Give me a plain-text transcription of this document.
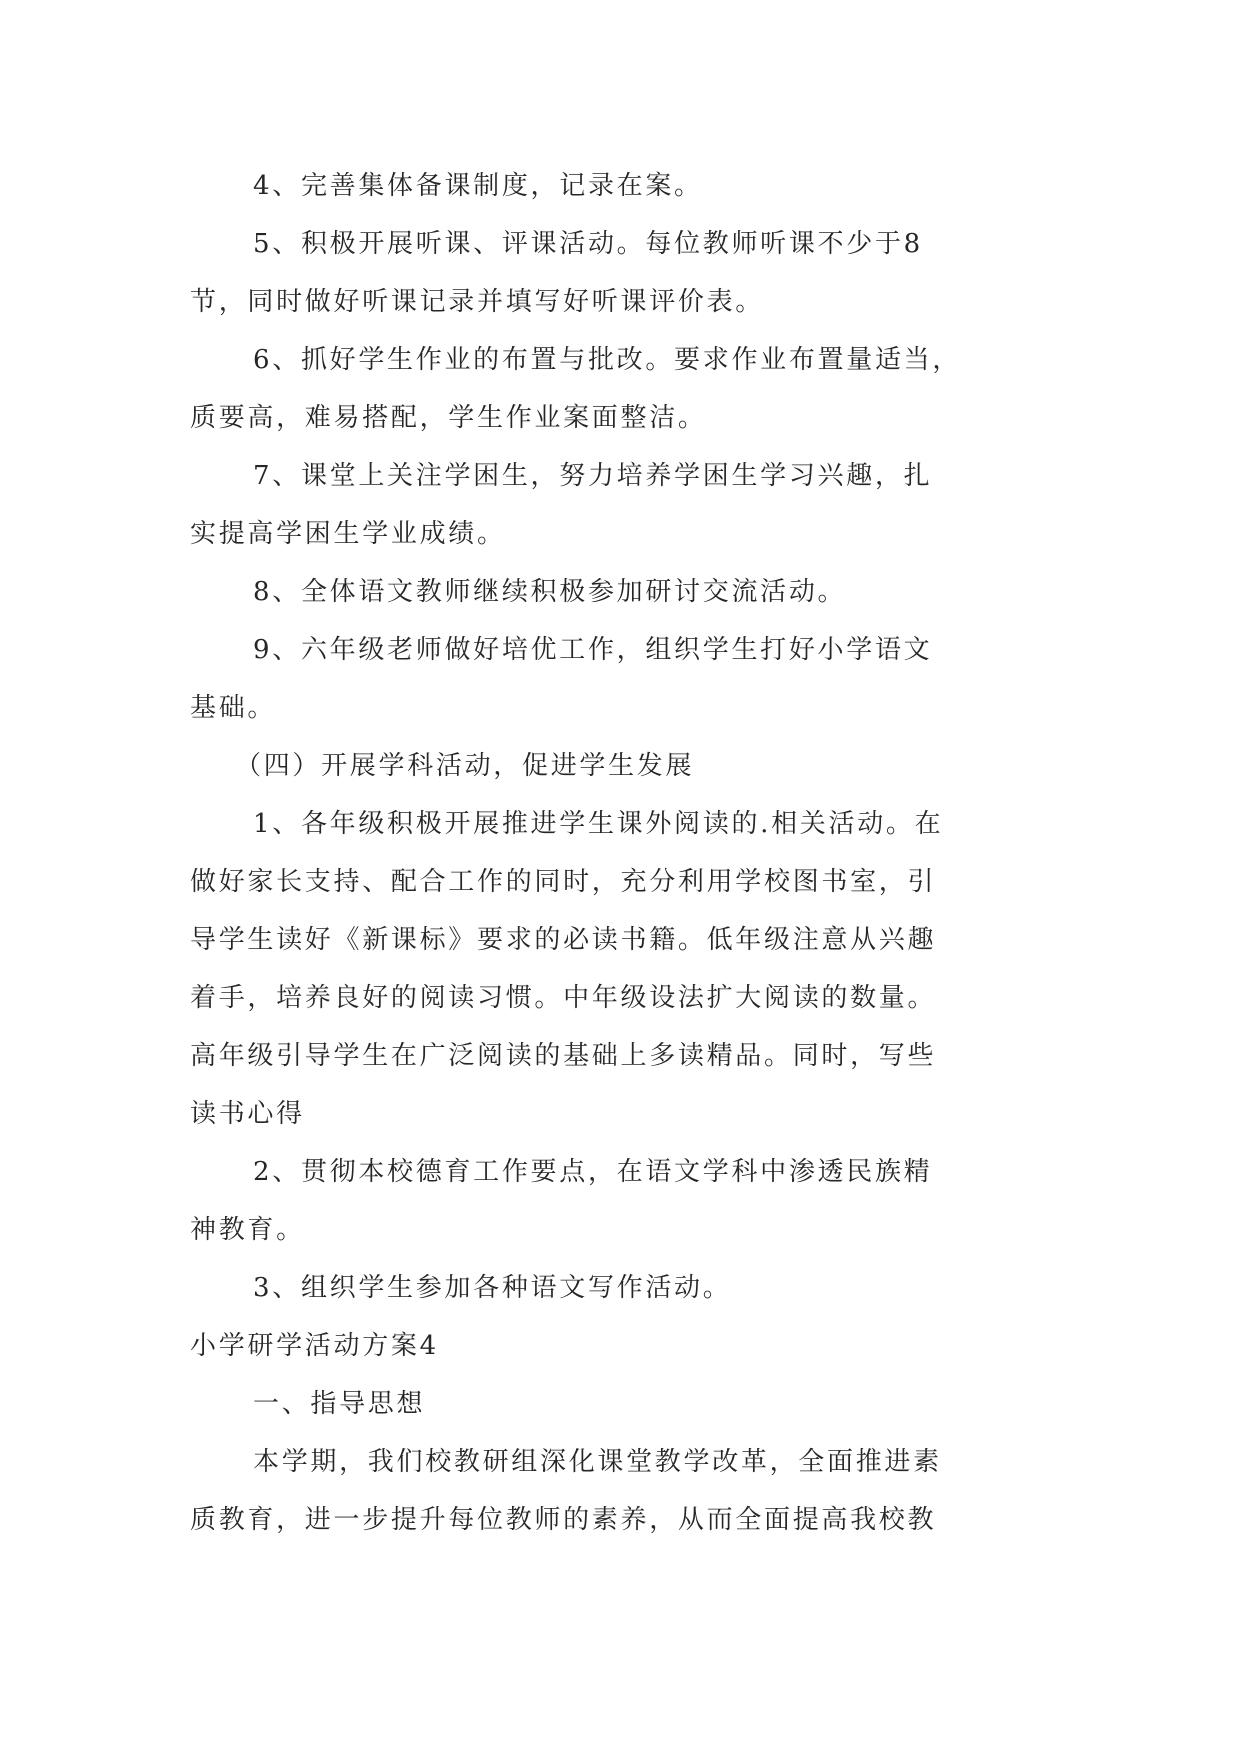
4、完善集体备课制度，记录在案。
5、积极开展听课、评课活动。每位教师听课不少于8
节，同时做好听课记录并填写好听课评价表。
6、抓好学生作业的布置与批改。要求作业布置量适当，
质要高，难易搭配，学生作业案面整洁。
7、课堂上关注学困生，努力培养学困生学习兴趣，扎
实提高学困生学业成绩。
8、全体语文教师继续积极参加研讨交流活动。
9、六年级老师做好培优工作，组织学生打好小学语文
基础。
（四）开展学科活动，促进学生发展
1、各年级积极开展推进学生课外阅读的.相关活动。在
做好家长支持、配合工作的同时，充分利用学校图书室，引
导学生读好《新课标》要求的必读书籍。低年级注意从兴趣
着手，培养良好的阅读习惯。中年级设法扩大阅读的数量。
高年级引导学生在广泛阅读的基础上多读精品。同时，写些
读书心得
2、贯彻本校德育工作要点，在语文学科中渗透民族精
神教育。
3、组织学生参加各种语文写作活动。
小学研学活动方案4
一、指导思想
本学期，我们校教研组深化课堂教学改革，全面推进素
质教育，进一步提升每位教师的素养，从而全面提高我校教
